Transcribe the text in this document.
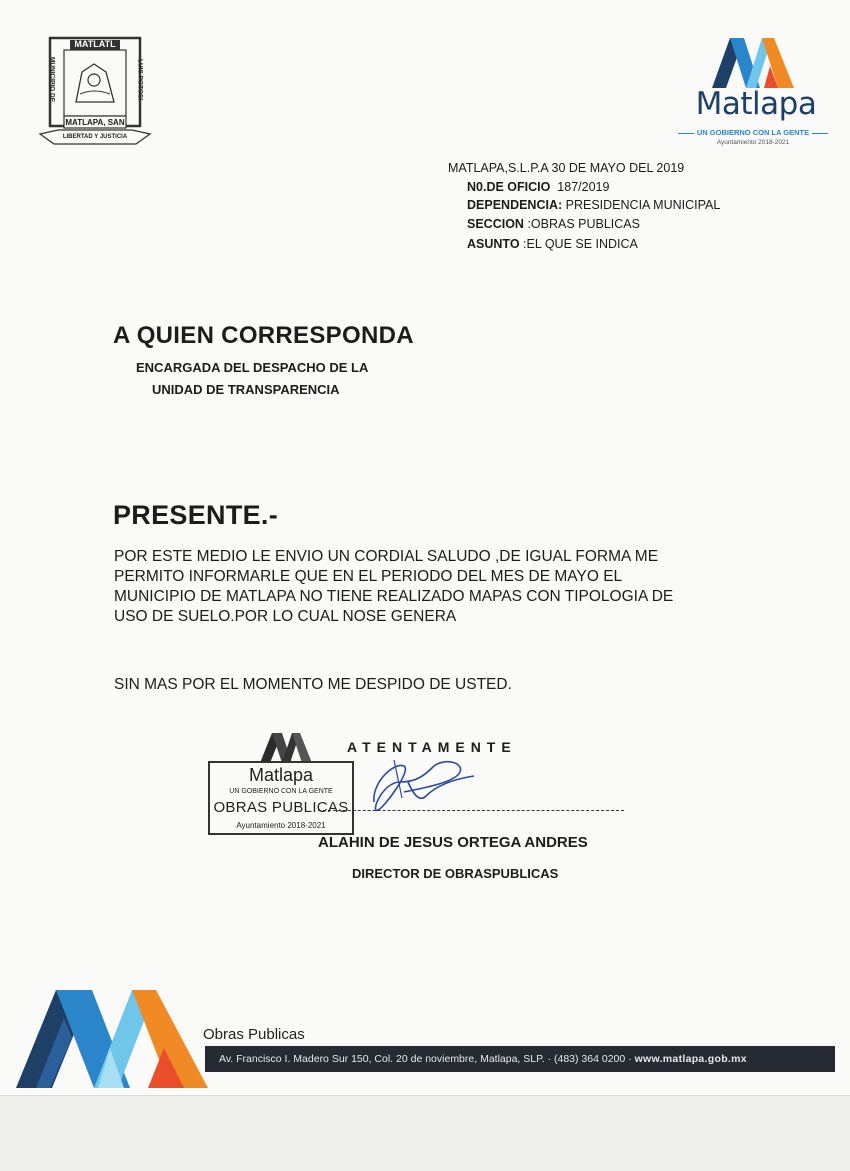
MATLATL
MUNICIPIO DE	LUIS POTOSI
MATLAPA, SAN
LIBERTAD Y JUSTICIA
Matlapa
UN GOBIERNO CON LA GENTE
Ayuntamiento 2018-2021
MATLAPA,S.L.P.A 30 DE MAYO DEL 2019
N0.DE OFICIO 187/2019
DEPENDENCIA: PRESIDENCIA MUNICIPAL
SECCION :OBRAS PUBLICAS
ASUNTO :EL QUE SE INDICA
A QUIEN CORRESPONDA
ENCARGADA DEL DESPACHO DE LA
UNIDAD DE TRANSPARENCIA
PRESENTE.-
POR ESTE MEDIO LE ENVIO UN CORDIAL SALUDO ,DE IGUAL FORMA ME
PERMITO INFORMARLE QUE EN EL PERIODO DEL MES DE MAYO EL
MUNICIPIO DE MATLAPA NO TIENE REALIZADO MAPAS CON TIPOLOGIA DE
USO DE SUELO.POR LO CUAL NOSE GENERA
SIN MAS POR EL MOMENTO ME DESPIDO DE USTED.
ATENTAMENTE
Matlapa
UN GOBIERNO CON LA GENTE
OBRAS PUBLICAS
Ayuntamiento 2018-2021
ALAHIN DE JESUS ORTEGA ANDRES
DIRECTOR DE OBRASPUBLICAS
Obras Publicas
Av. Francisco I. Madero Sur 150, Col. 20 de noviembre, Matlapa, SLP. · (483) 364 0200 · www.matlapa.gob.mx
